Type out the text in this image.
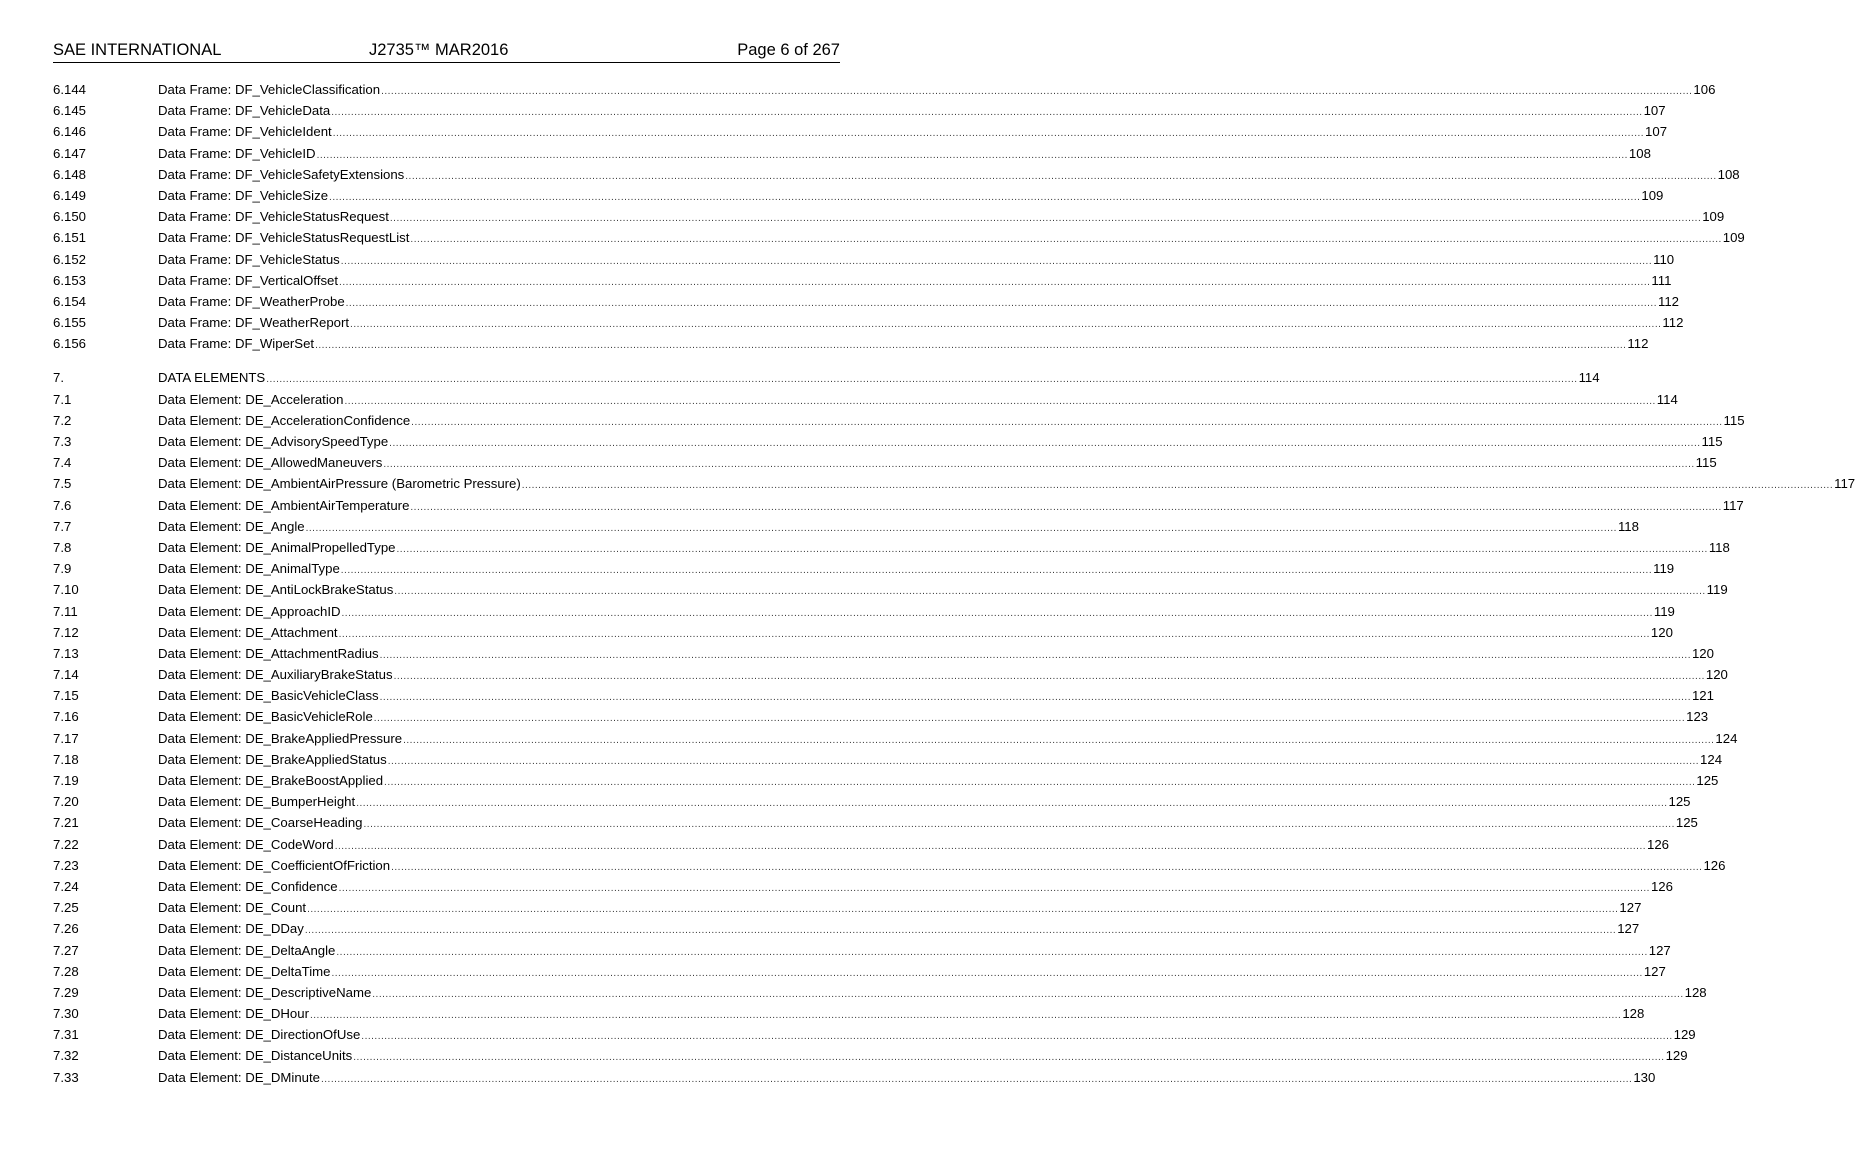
SAE INTERNATIONAL	J2735™ MAR2016	Page 6 of 267
6.144	Data Frame: DF_VehicleClassification ................................................................................................................................................................................................................................................................................................................................................................................................................ 106
6.145	Data Frame: DF_VehicleData ................................................................................................................................................................................................................................................................................................................................................................................................................ 107
6.146	Data Frame: DF_VehicleIdent ................................................................................................................................................................................................................................................................................................................................................................................................................ 107
6.147	Data Frame: DF_VehicleID ................................................................................................................................................................................................................................................................................................................................................................................................................ 108
6.148	Data Frame: DF_VehicleSafetyExtensions ................................................................................................................................................................................................................................................................................................................................................................................................................ 108
6.149	Data Frame: DF_VehicleSize ................................................................................................................................................................................................................................................................................................................................................................................................................ 109
6.150	Data Frame: DF_VehicleStatusRequest ................................................................................................................................................................................................................................................................................................................................................................................................................ 109
6.151	Data Frame: DF_VehicleStatusRequestList ................................................................................................................................................................................................................................................................................................................................................................................................................ 109
6.152	Data Frame: DF_VehicleStatus ................................................................................................................................................................................................................................................................................................................................................................................................................ 110
6.153	Data Frame: DF_VerticalOffset ................................................................................................................................................................................................................................................................................................................................................................................................................ 111
6.154	Data Frame: DF_WeatherProbe ................................................................................................................................................................................................................................................................................................................................................................................................................ 112
6.155	Data Frame: DF_WeatherReport ................................................................................................................................................................................................................................................................................................................................................................................................................ 112
6.156	Data Frame: DF_WiperSet ................................................................................................................................................................................................................................................................................................................................................................................................................ 112
7.	DATA ELEMENTS ................................................................................................................................................................................................................................................................................................................................................................................................................ 114
7.1	Data Element: DE_Acceleration ................................................................................................................................................................................................................................................................................................................................................................................................................ 114
7.2	Data Element: DE_AccelerationConfidence ................................................................................................................................................................................................................................................................................................................................................................................................................ 115
7.3	Data Element: DE_AdvisorySpeedType ................................................................................................................................................................................................................................................................................................................................................................................................................ 115
7.4	Data Element: DE_AllowedManeuvers ................................................................................................................................................................................................................................................................................................................................................................................................................ 115
7.5	Data Element: DE_AmbientAirPressure (Barometric Pressure) ................................................................................................................................................................................................................................................................................................................................................................................................................ 117
7.6	Data Element: DE_AmbientAirTemperature ................................................................................................................................................................................................................................................................................................................................................................................................................ 117
7.7	Data Element: DE_Angle ................................................................................................................................................................................................................................................................................................................................................................................................................ 118
7.8	Data Element: DE_AnimalPropelledType ................................................................................................................................................................................................................................................................................................................................................................................................................ 118
7.9	Data Element: DE_AnimalType ................................................................................................................................................................................................................................................................................................................................................................................................................ 119
7.10	Data Element: DE_AntiLockBrakeStatus ................................................................................................................................................................................................................................................................................................................................................................................................................ 119
7.11	Data Element: DE_ApproachID ................................................................................................................................................................................................................................................................................................................................................................................................................ 119
7.12	Data Element: DE_Attachment ................................................................................................................................................................................................................................................................................................................................................................................................................ 120
7.13	Data Element: DE_AttachmentRadius ................................................................................................................................................................................................................................................................................................................................................................................................................ 120
7.14	Data Element: DE_AuxiliaryBrakeStatus ................................................................................................................................................................................................................................................................................................................................................................................................................ 120
7.15	Data Element: DE_BasicVehicleClass ................................................................................................................................................................................................................................................................................................................................................................................................................ 121
7.16	Data Element: DE_BasicVehicleRole ................................................................................................................................................................................................................................................................................................................................................................................................................ 123
7.17	Data Element: DE_BrakeAppliedPressure ................................................................................................................................................................................................................................................................................................................................................................................................................ 124
7.18	Data Element: DE_BrakeAppliedStatus ................................................................................................................................................................................................................................................................................................................................................................................................................ 124
7.19	Data Element: DE_BrakeBoostApplied ................................................................................................................................................................................................................................................................................................................................................................................................................ 125
7.20	Data Element: DE_BumperHeight ................................................................................................................................................................................................................................................................................................................................................................................................................ 125
7.21	Data Element: DE_CoarseHeading ................................................................................................................................................................................................................................................................................................................................................................................................................ 125
7.22	Data Element: DE_CodeWord ................................................................................................................................................................................................................................................................................................................................................................................................................ 126
7.23	Data Element: DE_CoefficientOfFriction ................................................................................................................................................................................................................................................................................................................................................................................................................ 126
7.24	Data Element: DE_Confidence ................................................................................................................................................................................................................................................................................................................................................................................................................ 126
7.25	Data Element: DE_Count ................................................................................................................................................................................................................................................................................................................................................................................................................ 127
7.26	Data Element: DE_DDay ................................................................................................................................................................................................................................................................................................................................................................................................................ 127
7.27	Data Element: DE_DeltaAngle ................................................................................................................................................................................................................................................................................................................................................................................................................ 127
7.28	Data Element: DE_DeltaTime ................................................................................................................................................................................................................................................................................................................................................................................................................ 127
7.29	Data Element: DE_DescriptiveName ................................................................................................................................................................................................................................................................................................................................................................................................................ 128
7.30	Data Element: DE_DHour ................................................................................................................................................................................................................................................................................................................................................................................................................ 128
7.31	Data Element: DE_DirectionOfUse ................................................................................................................................................................................................................................................................................................................................................................................................................ 129
7.32	Data Element: DE_DistanceUnits ................................................................................................................................................................................................................................................................................................................................................................................................................ 129
7.33	Data Element: DE_DMinute ................................................................................................................................................................................................................................................................................................................................................................................................................ 130
